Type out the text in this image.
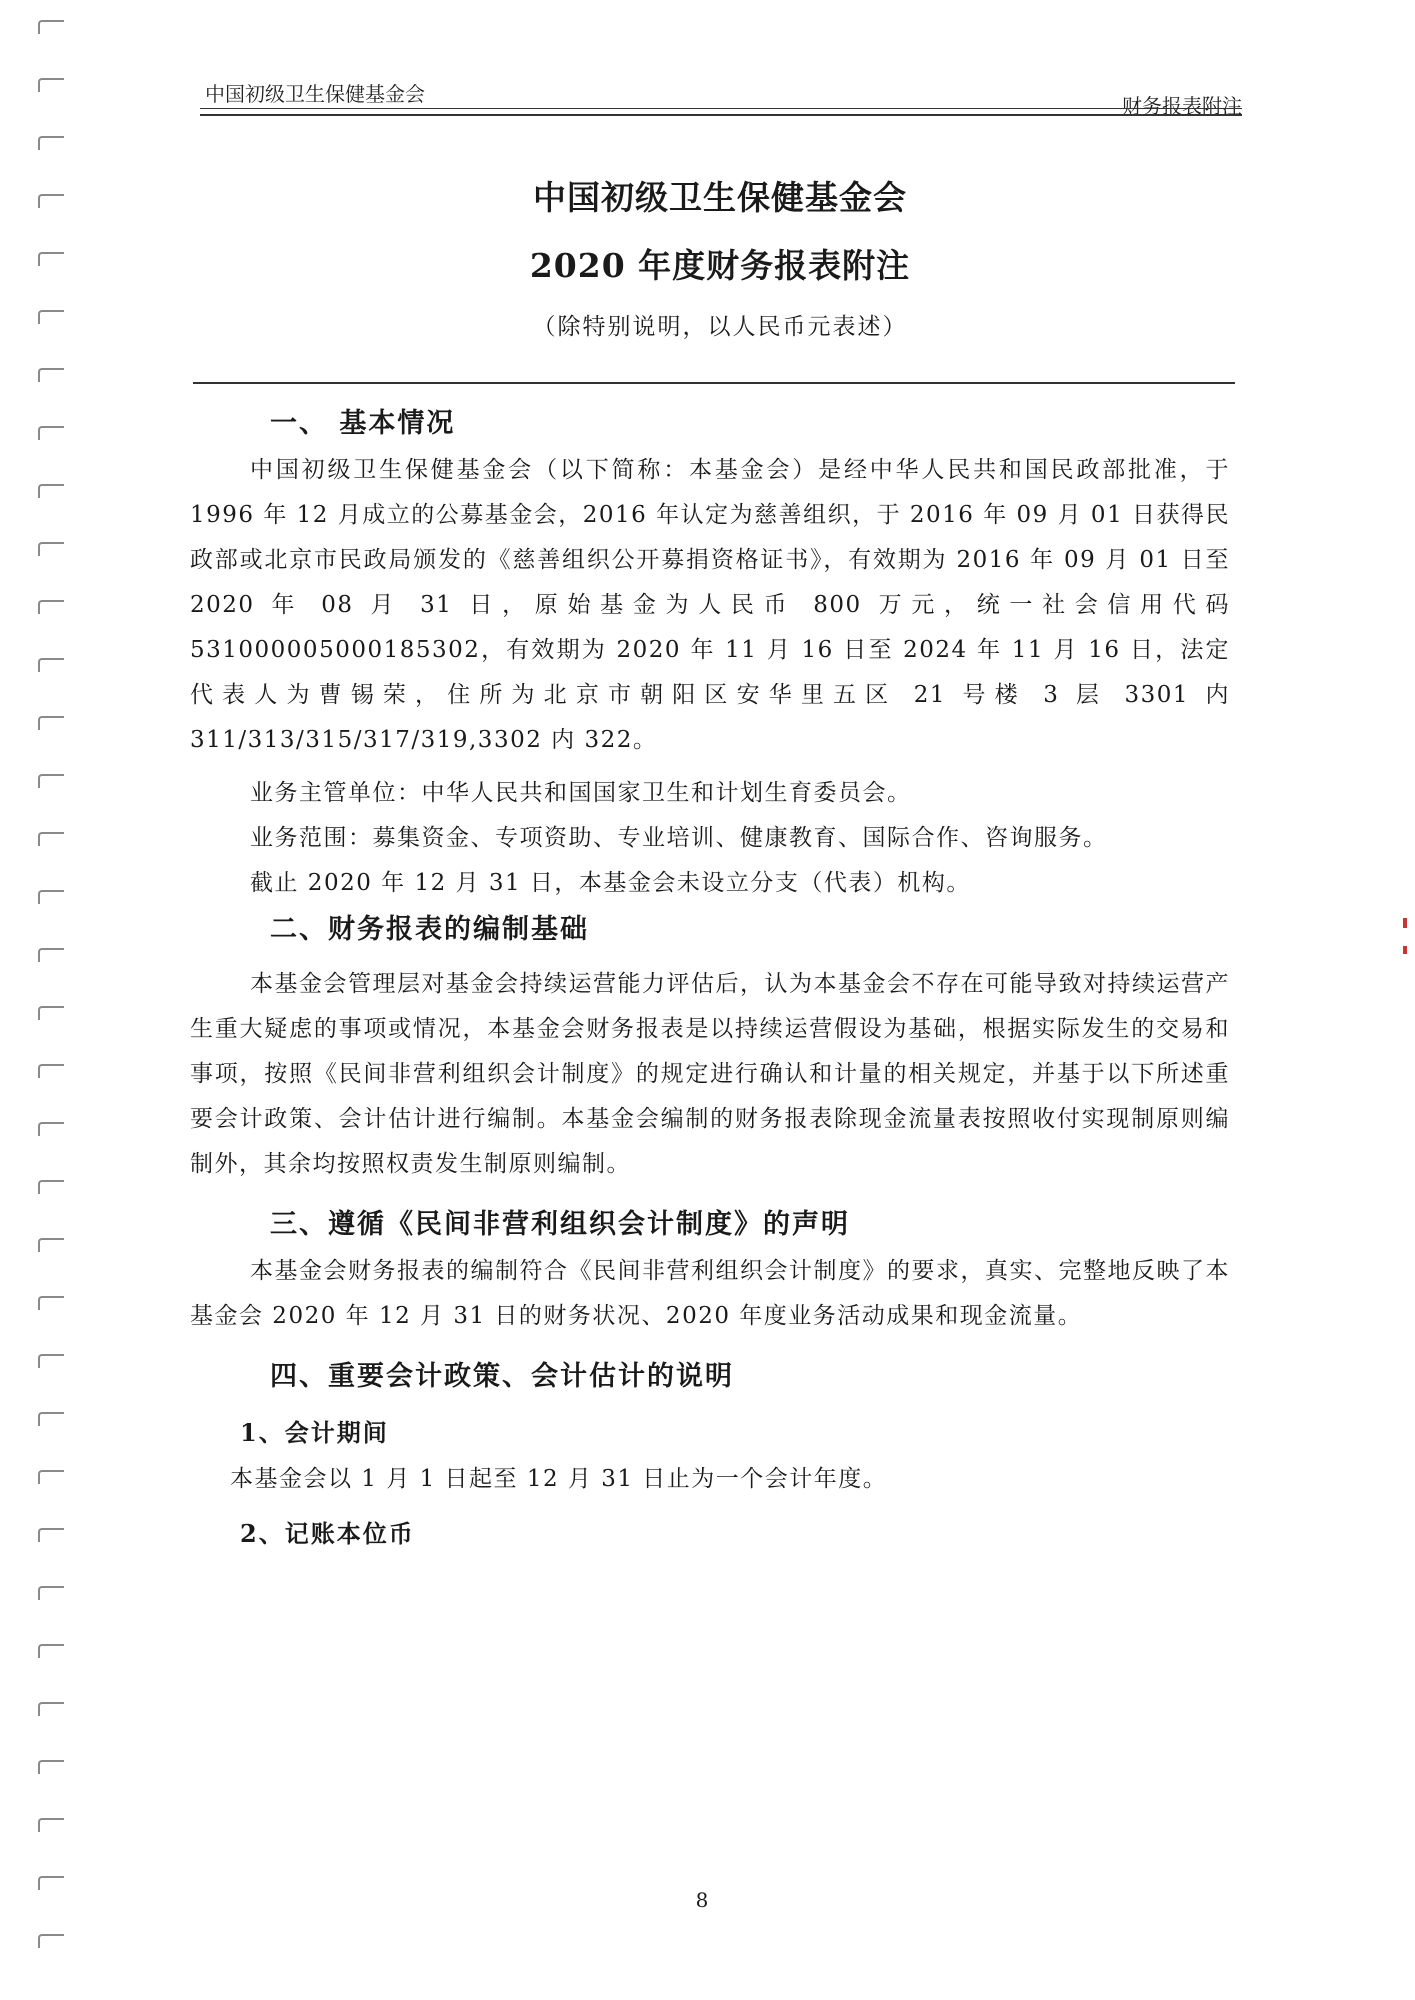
中国初级卫生保健基金会	财务报表附注
中国初级卫生保健基金会
2020 年度财务报表附注
（除特别说明，以人民币元表述）
一、 基本情况

中国初级卫生保健基金会（以下简称：本基金会）是经中华人民共和国民政部批准，于 1996 年 12 月成立的公募基金会，2016 年认定为慈善组织，于 2016 年 09 月 01 日获得民政部或北京市民政局颁发的《慈善组织公开募捐资格证书》，有效期为 2016 年 09 月 01 日至 2020 年 08 月 31 日，原始基金为人民币 800 万元，统一社会信用代码 531000005000185302，有效期为 2020 年 11 月 16 日至 2024 年 11 月 16 日，法定代表人为曹锡荣，住所为北京市朝阳区安华里五区 21 号楼 3 层 3301 内 311/313/315/317/319,3302 内 322。

业务主管单位：中华人民共和国国家卫生和计划生育委员会。

业务范围：募集资金、专项资助、专业培训、健康教育、国际合作、咨询服务。

截止 2020 年 12 月 31 日，本基金会未设立分支（代表）机构。

二、财务报表的编制基础

本基金会管理层对基金会持续运营能力评估后，认为本基金会不存在可能导致对持续运营产生重大疑虑的事项或情况，本基金会财务报表是以持续运营假设为基础，根据实际发生的交易和事项，按照《民间非营利组织会计制度》的规定进行确认和计量的相关规定，并基于以下所述重要会计政策、会计估计进行编制。本基金会编制的财务报表除现金流量表按照收付实现制原则编制外，其余均按照权责发生制原则编制。

三、遵循《民间非营利组织会计制度》的声明

本基金会财务报表的编制符合《民间非营利组织会计制度》的要求，真实、完整地反映了本基金会 2020 年 12 月 31 日的财务状况、2020 年度业务活动成果和现金流量。

四、重要会计政策、会计估计的说明
1、会计期间

本基金会以 1 月 1 日起至 12 月 31 日止为一个会计年度。

2、记账本位币
8
